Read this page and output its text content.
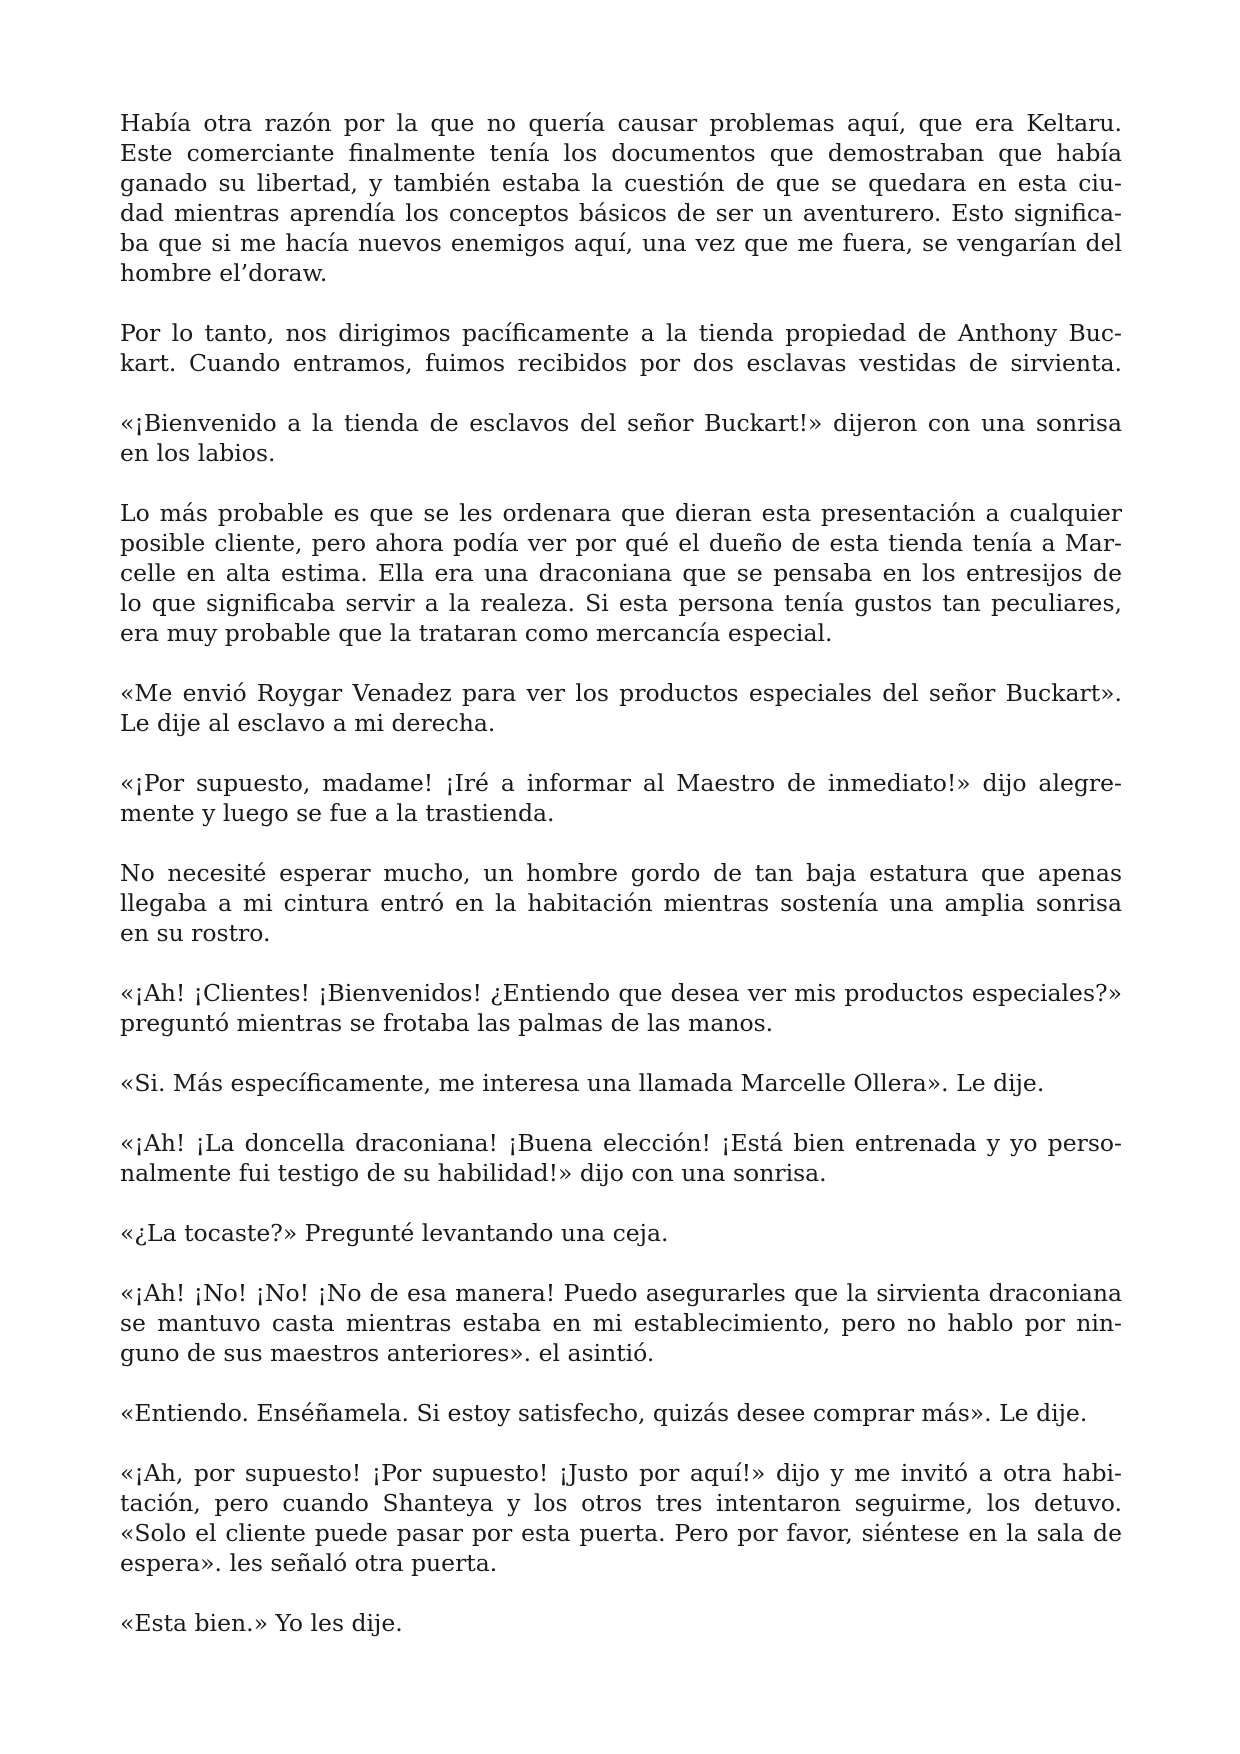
Había otra razón por la que no quería causar problemas aquí, que era Keltaru.
Este comerciante finalmente tenía los documentos que demostraban que había
ganado su libertad, y también estaba la cuestión de que se quedara en esta ciu-
dad mientras aprendía los conceptos básicos de ser un aventurero. Esto significa-
ba que si me hacía nuevos enemigos aquí, una vez que me fuera, se vengarían del
hombre el’doraw.

Por lo tanto, nos dirigimos pacíficamente a la tienda propiedad de Anthony Buc-
kart. Cuando entramos, fuimos recibidos por dos esclavas vestidas de sirvienta.

«¡Bienvenido a la tienda de esclavos del señor Buckart!» dijeron con una sonrisa
en los labios.

Lo más probable es que se les ordenara que dieran esta presentación a cualquier
posible cliente, pero ahora podía ver por qué el dueño de esta tienda tenía a Mar-
celle en alta estima. Ella era una draconiana que se pensaba en los entresijos de
lo que significaba servir a la realeza. Si esta persona tenía gustos tan peculiares,
era muy probable que la trataran como mercancía especial.

«Me envió Roygar Venadez para ver los productos especiales del señor Buckart».
Le dije al esclavo a mi derecha.

«¡Por supuesto, madame! ¡Iré a informar al Maestro de inmediato!» dijo alegre-
mente y luego se fue a la trastienda.

No necesité esperar mucho, un hombre gordo de tan baja estatura que apenas
llegaba a mi cintura entró en la habitación mientras sostenía una amplia sonrisa
en su rostro.

«¡Ah! ¡Clientes! ¡Bienvenidos! ¿Entiendo que desea ver mis productos especiales?»
preguntó mientras se frotaba las palmas de las manos.

«Si. Más específicamente, me interesa una llamada Marcelle Ollera». Le dije.

«¡Ah! ¡La doncella draconiana! ¡Buena elección! ¡Está bien entrenada y yo perso-
nalmente fui testigo de su habilidad!» dijo con una sonrisa.

«¿La tocaste?» Pregunté levantando una ceja.

«¡Ah! ¡No! ¡No! ¡No de esa manera! Puedo asegurarles que la sirvienta draconiana
se mantuvo casta mientras estaba en mi establecimiento, pero no hablo por nin-
guno de sus maestros anteriores». el asintió.

«Entiendo. Enséñamela. Si estoy satisfecho, quizás desee comprar más». Le dije.

«¡Ah, por supuesto! ¡Por supuesto! ¡Justo por aquí!» dijo y me invitó a otra habi-
tación, pero cuando Shanteya y los otros tres intentaron seguirme, los detuvo.
«Solo el cliente puede pasar por esta puerta. Pero por favor, siéntese en la sala de
espera». les señaló otra puerta.

«Esta bien.» Yo les dije.
